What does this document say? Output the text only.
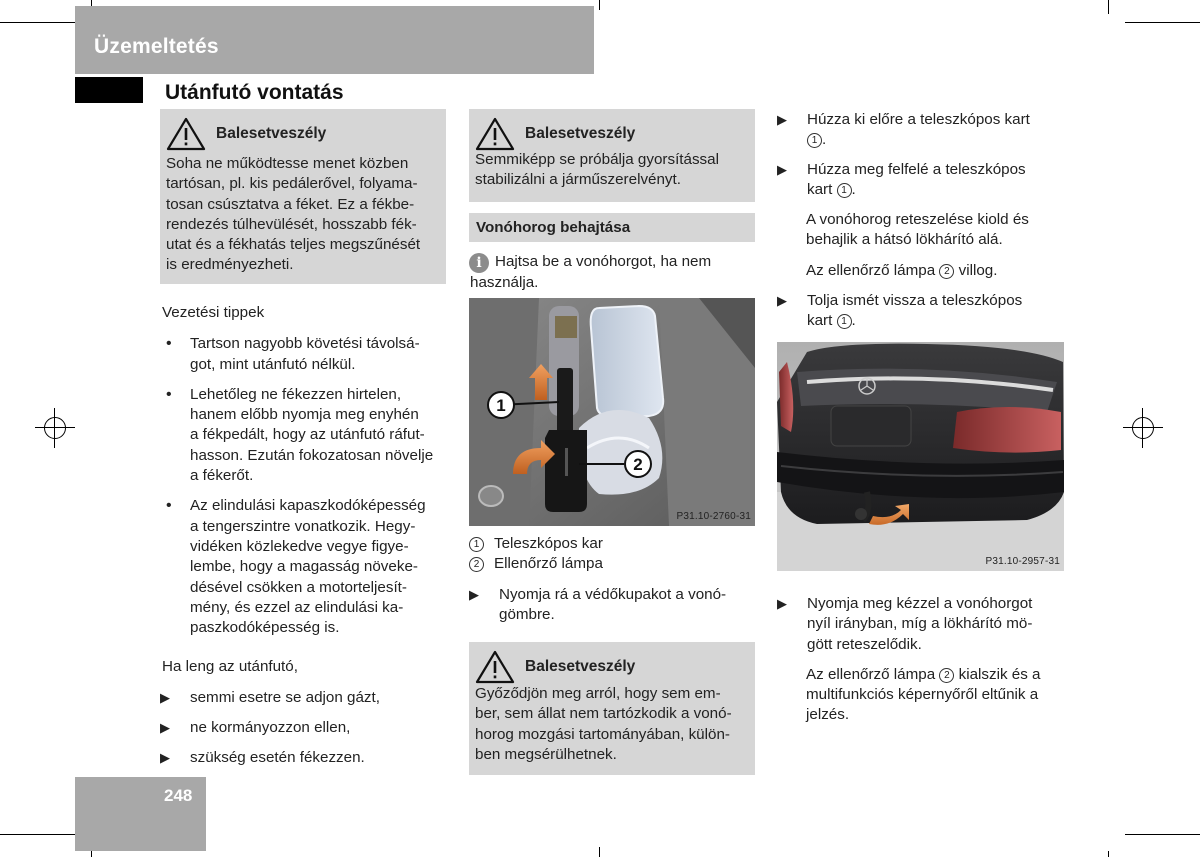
Üzemeltetés
Utánfutó vontatás
Balesetveszély

Soha ne működtesse menet közben
tartósan, pl. kis pedálerővel, folyama-
tosan csúsztatva a féket. Ez a fékbe-
rendezés túlhevülését, hosszabb fék-
utat és a fékhatás teljes megszűnését
is eredményezheti.

Vezetési tippek
•	Tartson nagyobb követési távolsá-
got, mint utánfutó nélkül.
•	Lehetőleg ne fékezzen hirtelen,
hanem előbb nyomja meg enyhén
a fékpedált, hogy az utánfutó ráfut-
hasson. Ezután fokozatosan növelje
a fékerőt.
•	Az elindulási kapaszkodóképesség
a tengerszintre vonatkozik. Hegy-
vidéken közlekedve vegye figye-
lembe, hogy a magasság növeke-
désével csökken a motorteljesít-
mény, és ezzel az elindulási ka-
paszkodóképesség is.
Ha leng az utánfutó,
▶	semmi esetre se adjon gázt,
▶	ne kormányozzon ellen,
▶	szükség esetén fékezzen.
Balesetveszély

Semmiképp se próbálja gyorsítással
stabilizálni a járműszerelvényt.

Vonóhorog behajtása
i Hajtsa be a vonóhorgot, ha nem
használja.
1
2
P31.10-2760-31
1 Teleszkópos kar
2 Ellenőrző lámpa
▶	Nyomja rá a védőkupakot a vonó-
gömbre.
Balesetveszély

Győződjön meg arról, hogy sem em-
ber, sem állat nem tartózkodik a vonó-
horog mozgási tartományában, külön-
ben megsérülhetnek.

▶	Húzza ki előre a teleszkópos kart
1 .
▶	Húzza meg felfelé a teleszkópos
kart 1 .
A vonóhorog reteszelése kiold és
behajlik a hátsó lökhárító alá.
Az ellenőrző lámpa 2 villog.
▶	Tolja ismét vissza a teleszkópos
kart 1 .
P31.10-2957-31
▶	Nyomja meg kézzel a vonóhorgot
nyíl irányban, míg a lökhárító mö-
gött reteszelődik.
Az ellenőrző lámpa 2 kialszik és a
multifunkciós képernyőről eltűnik a
jelzés.
248
